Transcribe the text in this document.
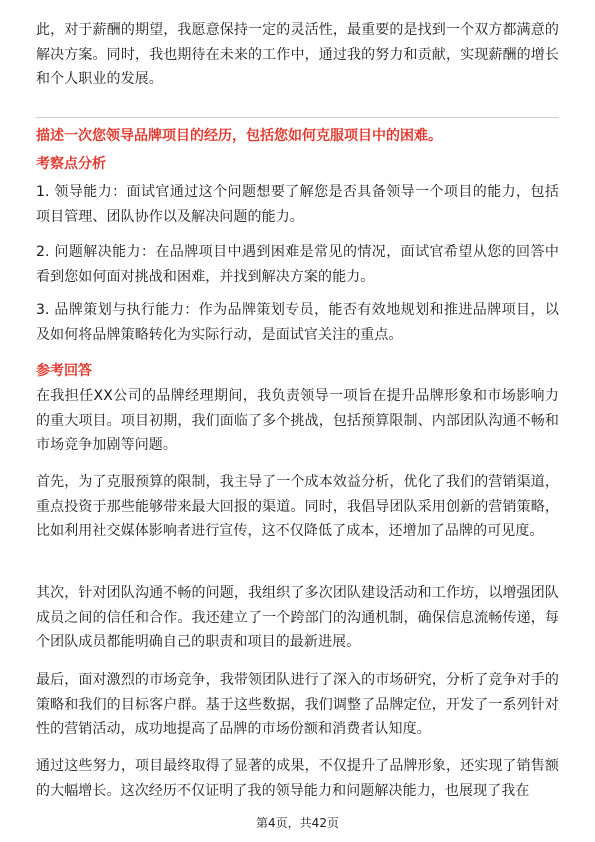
此，对于薪酬的期望，我愿意保持一定的灵活性，最重要的是找到一个双方都满意的解决方案。同时，我也期待在未来的工作中，通过我的努力和贡献，实现薪酬的增长和个人职业的发展。

描述一次您领导品牌项目的经历，包括您如何克服项目中的困难。

考察点分析

1. 领导能力：面试官通过这个问题想要了解您是否具备领导一个项目的能力，包括项目管理、团队协作以及解决问题的能力。

2. 问题解决能力：在品牌项目中遇到困难是常见的情况，面试官希望从您的回答中看到您如何面对挑战和困难，并找到解决方案的能力。

3. 品牌策划与执行能力：作为品牌策划专员，能否有效地规划和推进品牌项目，以及如何将品牌策略转化为实际行动，是面试官关注的重点。

参考回答

在我担任XX公司的品牌经理期间，我负责领导一项旨在提升品牌形象和市场影响力的重大项目。项目初期，我们面临了多个挑战，包括预算限制、内部团队沟通不畅和市场竞争加剧等问题。

首先，为了克服预算的限制，我主导了一个成本效益分析，优化了我们的营销渠道，重点投资于那些能够带来最大回报的渠道。同时，我倡导团队采用创新的营销策略，比如利用社交媒体影响者进行宣传，这不仅降低了成本，还增加了品牌的可见度。

其次，针对团队沟通不畅的问题，我组织了多次团队建设活动和工作坊，以增强团队成员之间的信任和合作。我还建立了一个跨部门的沟通机制，确保信息流畅传递，每个团队成员都能明确自己的职责和项目的最新进展。

最后，面对激烈的市场竞争，我带领团队进行了深入的市场研究，分析了竞争对手的策略和我们的目标客户群。基于这些数据，我们调整了品牌定位，开发了一系列针对性的营销活动，成功地提高了品牌的市场份额和消费者认知度。

通过这些努力，项目最终取得了显著的成果，不仅提升了品牌形象，还实现了销售额的大幅增长。这次经历不仅证明了我的领导能力和问题解决能力，也展现了我在

第4页，共42页
